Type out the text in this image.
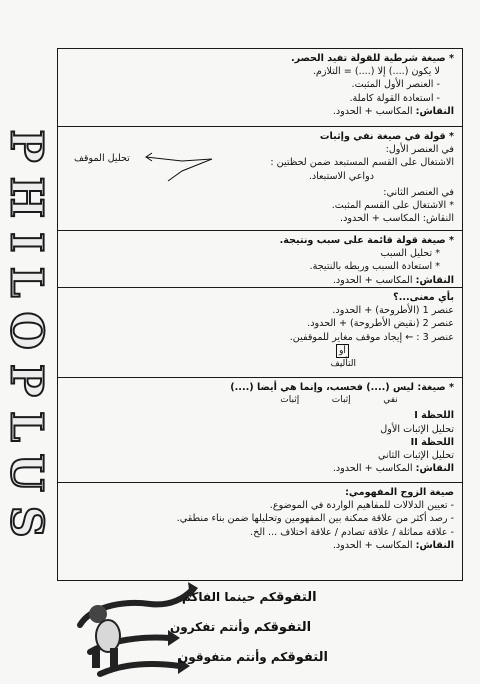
PHILOPLUS
* صيغة شرطية للقولة تفيد الحصر.
لا يكون (....) إلا (....) = التلازم.
- العنصر الأول المثبت.
- استعادة القولة كاملة.
النقاش: المكاسب + الحدود.
* قولة في صيغة نفي وإثبات
في العنصر الأول:
الاشتغال على القسم المستبعد ضمن لحظتين :
دواعي الاستبعاد.
في العنصر الثاني:
* الاشتغال على القسم المثبت.
النقاش: المكاسب + الحدود.
تحليل الموقف
* صيغة قولة قائمة على سبب ونتيجة.
* تحليل السبب
* استعادة السبب وربطه بالنتيجة.
النقاش: المكاسب + الحدود.
بأي معنى...؟
عنصر 1 (الأطروحة) + الحدود.
عنصر 2 (نقيض الأطروحة) + الحدود.
عنصر 3 : ← إيجاد موقف مغاير للموقفين.
أو
التأليف
* صيغة: ليس (....) فحسب، وإنما هي أيضا (....)
نفي
إثبات
إثبات
اللحظة I
تحليل الإثبات الأول
اللحظة II
تحليل الإثبات الثاني
النقاش: المكاسب + الحدود.
صيغة الزوج المفهومي:
- تعيين الدلالات للمفاهيم الواردة في الموضوع.
- رصد أكثر من علاقة ممكنة بين المفهومين وتحليلها ضمن بناء منطقي.
- علاقة مماثلة / علاقة تصادم / علاقة اختلاف ... الخ.
النقاش: المكاسب + الحدود.
التفوقكم حينما الفاكم
التفوقكم وأنتم تفكرون
التفوقكم وأنتم متفوقون
